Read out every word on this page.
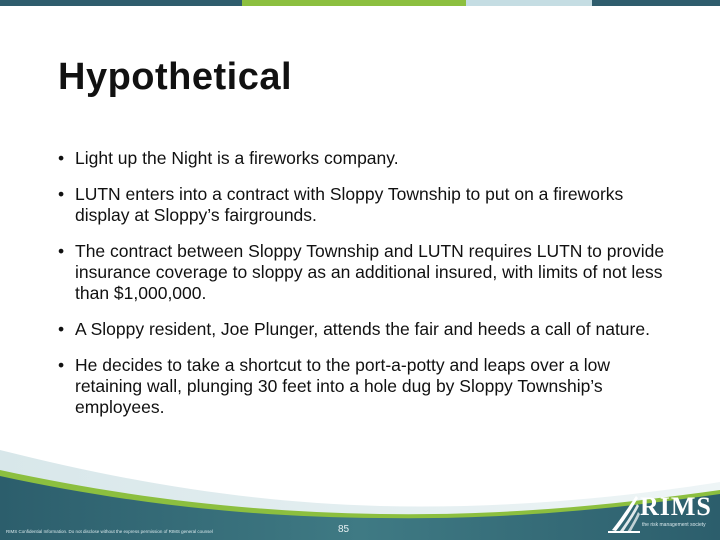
Hypothetical
• Light up the Night is a fireworks company.
• LUTN enters into a contract with Sloppy Township to put on a fireworks display at Sloppy’s fairgrounds.
• The contract between Sloppy Township and LUTN requires LUTN to provide insurance coverage to sloppy as an additional insured, with limits of not less than $1,000,000.
• A Sloppy resident, Joe Plunger, attends the fair and heeds a call of nature.
• He decides to take a shortcut to the port-a-potty and leaps over a low retaining wall, plunging 30 feet into a hole dug by Sloppy Township’s employees.
RIMS Confidential Information. Do not disclose without the express permission of RIMS general counsel	85
RIMS
the risk management society
